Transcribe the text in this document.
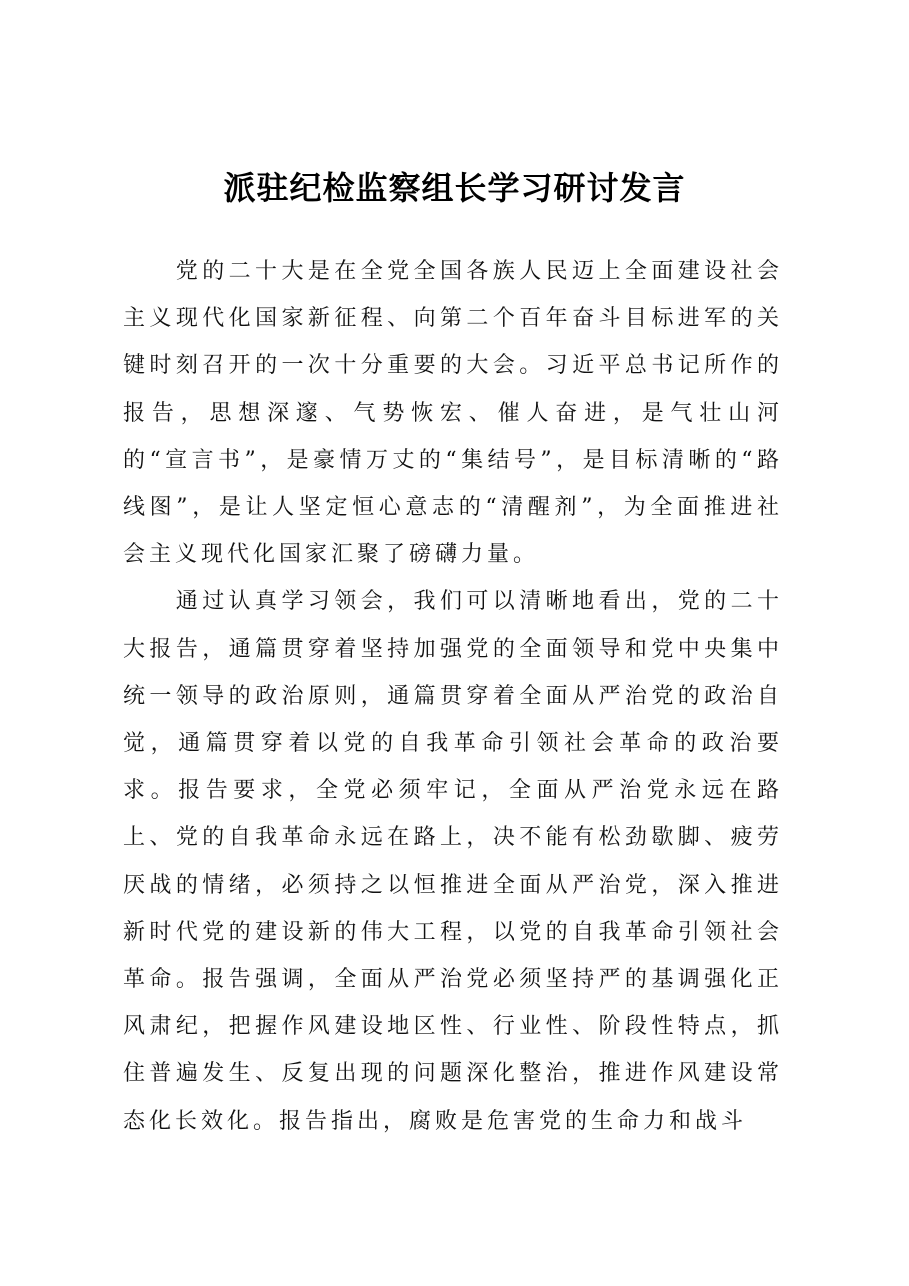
派驻纪检监察组长学习研讨发言

党的二十大是在全党全国各族人民迈上全面建设社会主义现代化国家新征程、向第二个百年奋斗目标进军的关键时刻召开的一次十分重要的大会。习近平总书记所作的报告，思想深邃、气势恢宏、催人奋进，是气壮山河的“宣言书”，是豪情万丈的“集结号”，是目标清晰的“路线图”，是让人坚定恒心意志的“清醒剂”，为全面推进社会主义现代化国家汇聚了磅礴力量。

通过认真学习领会，我们可以清晰地看出，党的二十大报告，通篇贯穿着坚持加强党的全面领导和党中央集中统一领导的政治原则，通篇贯穿着全面从严治党的政治自觉，通篇贯穿着以党的自我革命引领社会革命的政治要求。报告要求，全党必须牢记，全面从严治党永远在路上、党的自我革命永远在路上，决不能有松劲歇脚、疲劳厌战的情绪，必须持之以恒推进全面从严治党，深入推进新时代党的建设新的伟大工程，以党的自我革命引领社会革命。报告强调，全面从严治党必须坚持严的基调强化正风肃纪，把握作风建设地区性、行业性、阶段性特点，抓住普遍发生、反复出现的问题深化整治，推进作风建设常态化长效化。报告指出，腐败是危害党的生命力和战斗
